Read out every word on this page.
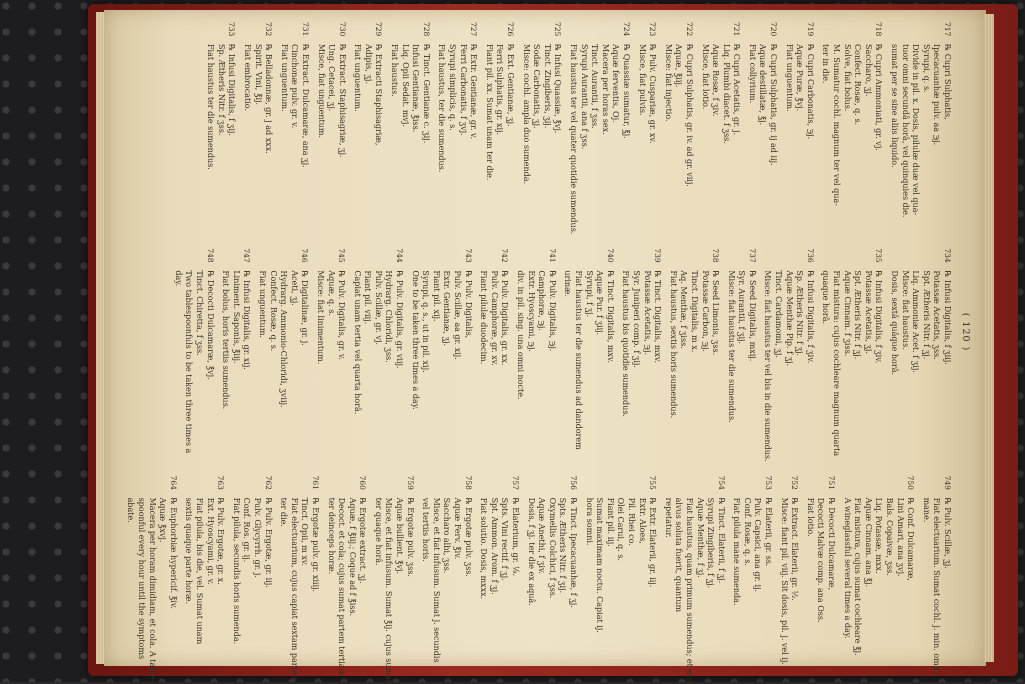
( 120 )
717℞ Cupri Sulphatis,
Ipecacuanhæ pulv. aa ℈j.
Syrupi, q. s.
Divide in pil. x. Dosis, pilulæ duæ vel qua-
tuor omni secundâ horâ, vel quinquies die.
sumat per se sine aliis liquido.
718℞ Cupri Ammoniati, gr. vj.
Saccharo, ʒj.
Confect. Rosæ, q. s.
Solve, fiat bolus.
M. Sumatur cochl. magnum ter vel qua-
ter in die.
719℞ Cupri Carbonatis, ℈j.
Aquæ Puræ, ℥vj.
Fiat unguentum.
720℞ Cupri Sulphatis, gr. ij ad iij.
Aquæ destillatæ, ℥j.
Fiat collyrium.
721℞ Cupri Acetatis, gr. j.
Liq. Plumbi diacet. f ʒss.
Aquæ Rosæ, f ʒiv.
Misce, fiat lotio.
722℞ Cupri Sulphatis, gr. iv. ad gr. viij.
Aquæ, ℥iij.
Misce: fiat injectio.
723℞ Pulv. Cuspariæ, gr. xv.
Misce, fiat pulvis.
724℞ Quassiæ sumatur, ℥j.
Aquæ ferventis, Oj.
Macera per horas sex.
Tinct. Aurantii, f ʒss.
Syrupi Aurantii, ana f ʒss.
Fiat haustus ter vel quater quotidie sumendus.
725℞ Infusi Quassiæ, ℥vj.
Tinct. Zingiberis, ʒij.
Sodæ Carbonatis, ʒj.
Misce: cochl. ampla duo sumenda.
726℞ Ext. Gentianæ, ʒj.
Ferri Sulphatis, gr. xij.
Fiant pil. xx. Sumat unam ter die.
727℞ Extr. Gentianæ, gr. v.
Ferri Carbonatis, f ʒvj.
Syrupi simplicis, q. s.
Fiat haustus, ter die sumendus.
728℞ Tinct. Gentianæ c. ʒij.
Infusi Gentianæ, ℥iss.
Liq. Opii Sedat. mvj.
Fiat haustus.
729℞ Extracti Staphisagriæ,
Adipis, ʒj.
Fiat unguentum.
730℞ Extract. Staphisagriæ, ʒj.
Ung. Cetacei, ʒj.
Misce, fiat unguentum.
731℞ Extract. Dulcamaræ, ana ʒj.
Cinchonæ pulv. gr. v.
Fiat unguentum.
732℞ Belladonnæ, gr. j ad xxx.
Spirit. Vini, ℥ij.
Fiat embrocatio.
733℞ Infusi Digitalis, f ʒij.
Sp. Ætheris Nitr. f ʒss.
Fiat haustus ter die sumendus.
734℞ Infusi Digitalis, f ʒiij.
Potassæ Acetatis, ʒss.
Spt. Ætheris Nitr. f ʒj.
Liq. Ammoniæ Acet. f ʒij.
Misce: fiat haustus.
Dosis, sextâ quâque horâ.
735℞ Infusi Digitalis, f ʒiv.
Potassæ Acetatis, ʒj.
Spt. Ætheris Nitr. f ʒj.
Aquæ Cinnam. f ʒiss.
Fiat mistura: cujus cochleare magnum quarta
quaque horâ.
736℞ Infusi Digitalis, f ʒiv.
Sp. Ætheris Nitr. f ʒj.
Aquæ Menthæ Pip. f ʒj.
Tinct. Cardamomi, ʒj.
Misce: fiat haustus ter vel bis in die sumendus.
737℞ Seed Digitalis, mxij.
Syr. Aurantii, f ʒij.
Misce: fiat haustus ter die sumendus.
738℞ Seed Limonis, ʒss.
Potassæ Carbon, ℈j.
Tinct. Digitalis, m x.
Aq. Menthæ, f ʒiss.
Fiat haustus, sextis horis sumendus.
739℞ Tinct. Digitalis, mxv.
Potassæ Acetatis, ℈j.
Syr. Juniperi comp. f ʒij.
Fiat haustus bis quotidie sumendus.
740℞ Tinct. Digitalis, mxv.
Aquæ Pur. f ʒiij.
Syrupi, f ʒj.
Fiat haustus ter die sumendus ad dandorem
urinæ.
741℞ Pulv. Digitalis, ℈j.
Camphoræ, ℈j.
Extr. Hyoscyami, ℈j.
div. in pil. sing. una omni nocte.
742℞ Pulv. Digitalis, gr. xx.
Pulv. Camphoræ, gr. xv.
Fiant pilulæ duodecim.
743℞ Pulv. Digitalis,
Pulv. Scillæ, aa gr. xij.
Extr. Gentianæ, ʒj.
Fiant pil. xij.
Syrupi, q. s., ut in pil. xij.
One to be taken three times a day.
744℞ Pulv. Digitalis, gr. viij.
Hydrarg. Chloridi, ʒss.
Pulv. Scillæ, gr. vj.
Fiant pil. viij.
Capiat unam tertia vel quarta horâ.
745℞ Pulv. Digitalis, gr. v.
Aquæ, q. s.
Misce: fiat linimentum.
746℞ Digitalinæ, gr. j.
Aceti, ʒj.
Hydrarg. Ammonio-Chloridi, ʒviij.
Confect. Rosæ, q. s.
Fiat unguentum.
747℞ Infusi Digitalis, gr. xij.
Liniment. Saponis, ℥iij.
Fiat bolus, horis tertiis sumendus.
748℞ Decocti Dulcamaræ, ℥vj.
Tinct. Chiretta, f ʒss.
Two tablespoonfuls to be taken three times a
day.
749℞ Pulv. Scillæ, ʒj.
Fiat electuarium. Sumat cochl. j. min. omni
mane.
750℞ Conf. Dulcamaræ,
Lini Amari, ana ʒvj.
Bals. Copaivæ, ʒss.
Liq. Potassæ, mxx.
Aquæ Cinnam. ana ℥j.
Fiat mistura, cujus sumat cochleare ℥j.
A wineglassful several times a day.
751℞ Decocti Dulcamaræ,
Decocti Malvæ comp. ana Oss.
Fiat lotio.
752℞ Extract. Elaterii, gr. ½.
Misce: fiant pil. viij. Sit dosis, pil. j. vel ij.
753℞ Elaterii, gr. ss.
Pulv. Capsici, ana gr. ij.
Conf. Rosæ, q. s.
Fiat pilula mane sumenda.
754℞ Tinct. Elaterii, f ʒj.
Syrupi Zingiberis, f ʒj.
Aquæ Menthæ, f ʒj.
Fiat haustus, quam primum sumendus; et nisi
alvus soluta fuerit, quantum
repetatur.
755℞ Extr. Elaterii, gr. iij.
Extr. Aloes,
Pil. Rhei co.
Olei Carui, q. s.
Fiant pil. iij.
Sumat maximam noctu. Capiat ij.
hora somni.
756℞ Tinct. Ipecacuanhæ, f ʒj.
Spts. Ætheris Nitr. f ʒij.
Oxymellis Colchici, f ʒss.
Aquæ Anethi, f ʒiv.
Dosis, f ʒj. ter die ex aquâ.
757℞ Elaterium, gr. ⅛.
Spts. Vini rectif. f ʒj.
Spt. Ammon. Arom. f ʒj.
Fiat solutio. Dosis, mxxx.
758℞ Ergotæ pulv. ʒss.
Aquæ Ferv. ℥iv.
Saccharo albi, ʒss.
Misce, et fiat infusum. Sumat j. secundis
vel tertiis horis.
759℞ Ergotæ pulv. ʒss.
Aquæ bullient. ℥vj.
Misce, et fiat infusum. Sumat ℥ij. cujus sumat
ter quaque horâ.
760℞ Ergotæ extract. ʒj.
Aquæ, f ℥iij.; Coque ad f ℥iss.
Decoct. et cola; cujus sumat partem tertiam
ter deinceps horæ.
761℞ Ergotæ pulv. gr. xiiij.
Tinct. Opii, m xv.
Fiat electuarium, cujus capiat sextam partem
ter die.
762℞ Pulv. Ergotæ, gr. iij.
Pulv. Glycyrrh. gr. j.
Conf. Ros. gr. ij.
Fiat pilula, secundis horis sumenda.
763℞ Pulv. Ergotæ, gr. x.
Ext. Hyoscyami, gr. v.
Fiat pilula, bis die, vel. Sumat unam
sextis quaque parte horæ.
764℞ Euphorbiæ hypericif. ℥iv.
Aquæ ℥xvj.
Macera per horam dimidiam, et cola. A table-
spoonful every hour until the symptoms
abate.
